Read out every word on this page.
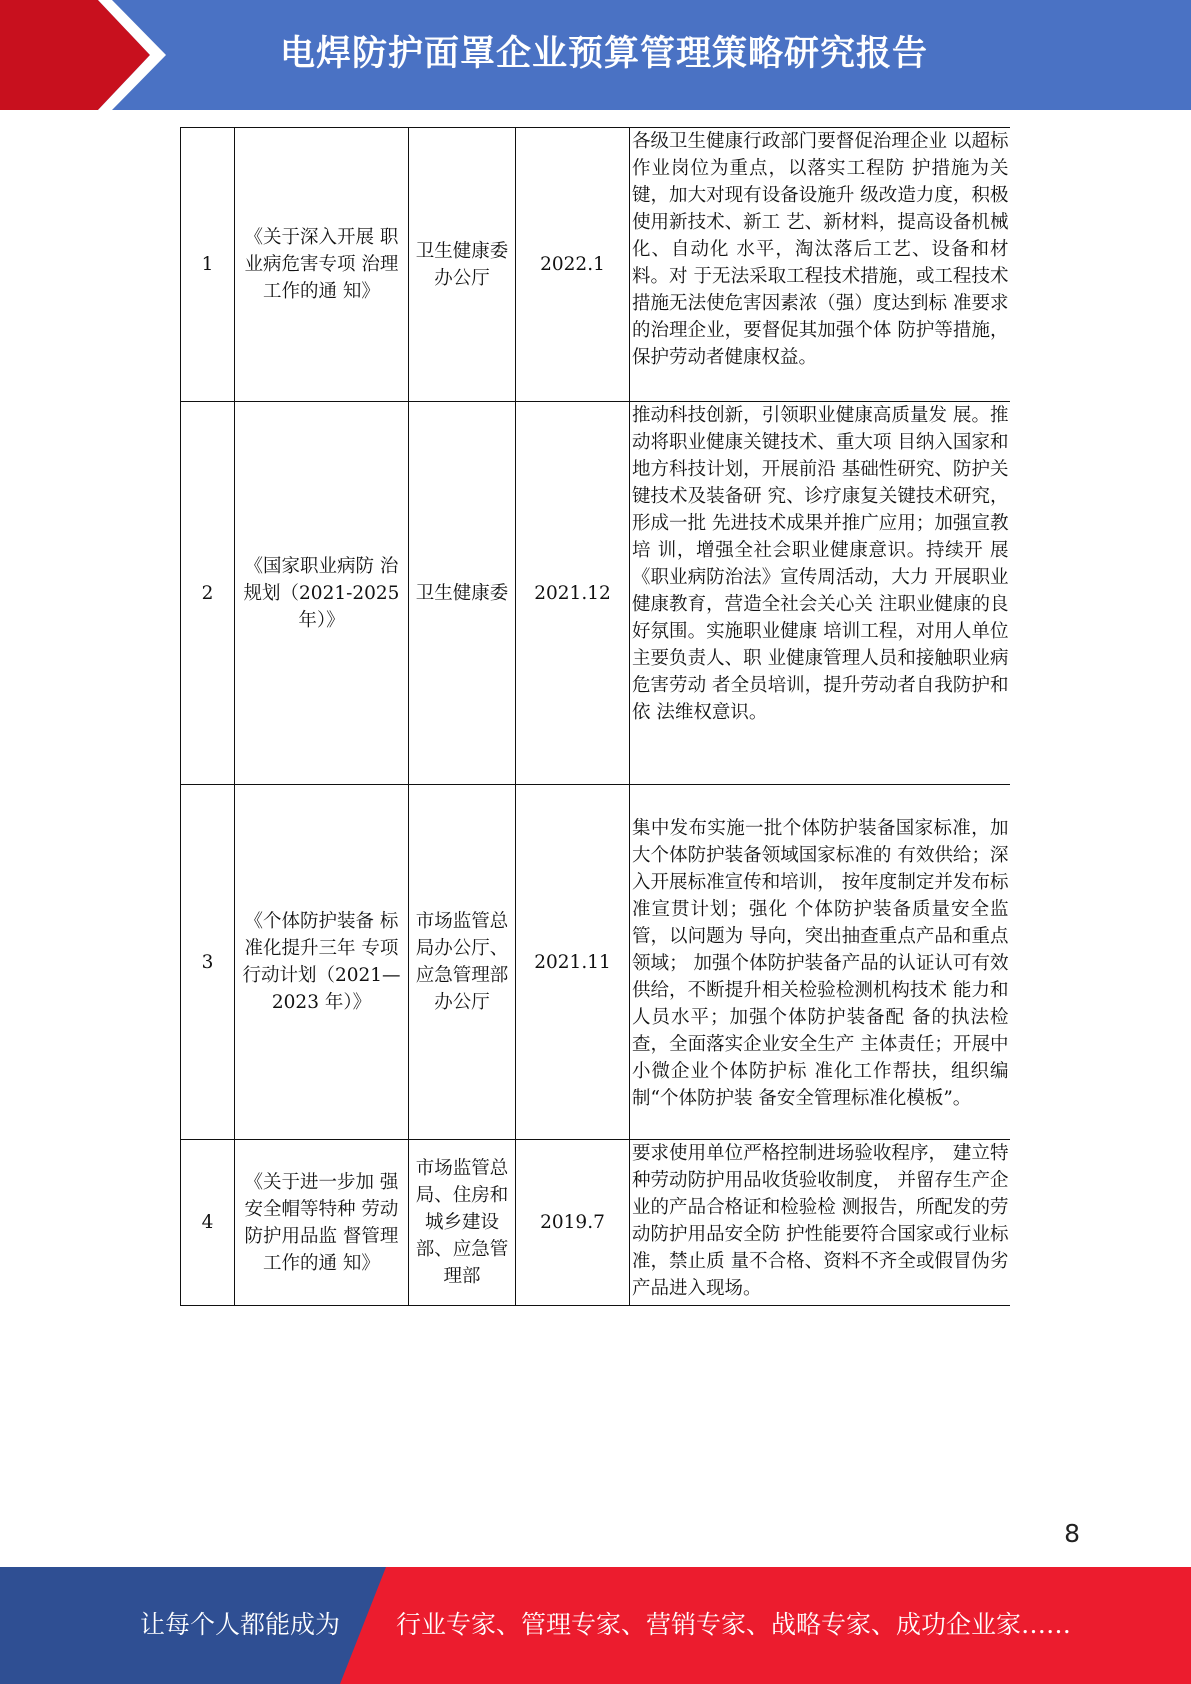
电焊防护面罩企业预算管理策略研究报告
1	《关于深入开展 职业病危害专项 治理工作的通 知》	卫生健康委办公厅	2022.1	各级卫生健康行政部门要督促治理企业 以超标作业岗位为重点，以落实工程防 护措施为关键，加大对现有设备设施升 级改造力度，积极使用新技术、新工 艺、新材料，提高设备机械化、自动化 水平，淘汰落后工艺、设备和材料。对 于无法采取工程技术措施，或工程技术 措施无法使危害因素浓（强）度达到标 准要求的治理企业，要督促其加强个体 防护等措施，保护劳动者健康权益。
2	《国家职业病防 治规划（2021-2025 年）》	卫生健康委	2021.12	推动科技创新，引领职业健康高质量发 展。推动将职业健康关键技术、重大项 目纳入国家和地方科技计划，开展前沿 基础性研究、防护关键技术及装备研 究、诊疗康复关键技术研究，形成一批 先进技术成果并推广应用；加强宣教培 训，增强全社会职业健康意识。持续开 展《职业病防治法》宣传周活动，大力 开展职业健康教育，营造全社会关心关 注职业健康的良好氛围。实施职业健康 培训工程，对用人单位主要负责人、职 业健康管理人员和接触职业病危害劳动 者全员培训，提升劳动者自我防护和依 法维权意识。
3	《个体防护装备 标准化提升三年 专项行动计划（2021—2023 年）》	市场监管总局办公厅、应急管理部办公厅	2021.11	集中发布实施一批个体防护装备国家标准，加大个体防护装备领域国家标准的 有效供给；深入开展标准宣传和培训， 按年度制定并发布标准宣贯计划；强化 个体防护装备质量安全监管，以问题为 导向，突出抽查重点产品和重点领域； 加强个体防护装备产品的认证认可有效 供给，不断提升相关检验检测机构技术 能力和人员水平；加强个体防护装备配 备的执法检查，全面落实企业安全生产 主体责任；开展中小微企业个体防护标 准化工作帮扶，组织编制“个体防护装 备安全管理标准化模板”。
4	《关于进一步加 强安全帽等特种 劳动防护用品监 督管理工作的通 知》	市场监管总局、住房和城乡建设部、应急管理部	2019.7	要求使用单位严格控制进场验收程序， 建立特种劳动防护用品收货验收制度， 并留存生产企业的产品合格证和检验检 测报告，所配发的劳动防护用品安全防 护性能要符合国家或行业标准，禁止质 量不合格、资料不齐全或假冒伪劣产品进入现场。
8
让每个人都能成为	行业专家、管理专家、营销专家、战略专家、成功企业家……
